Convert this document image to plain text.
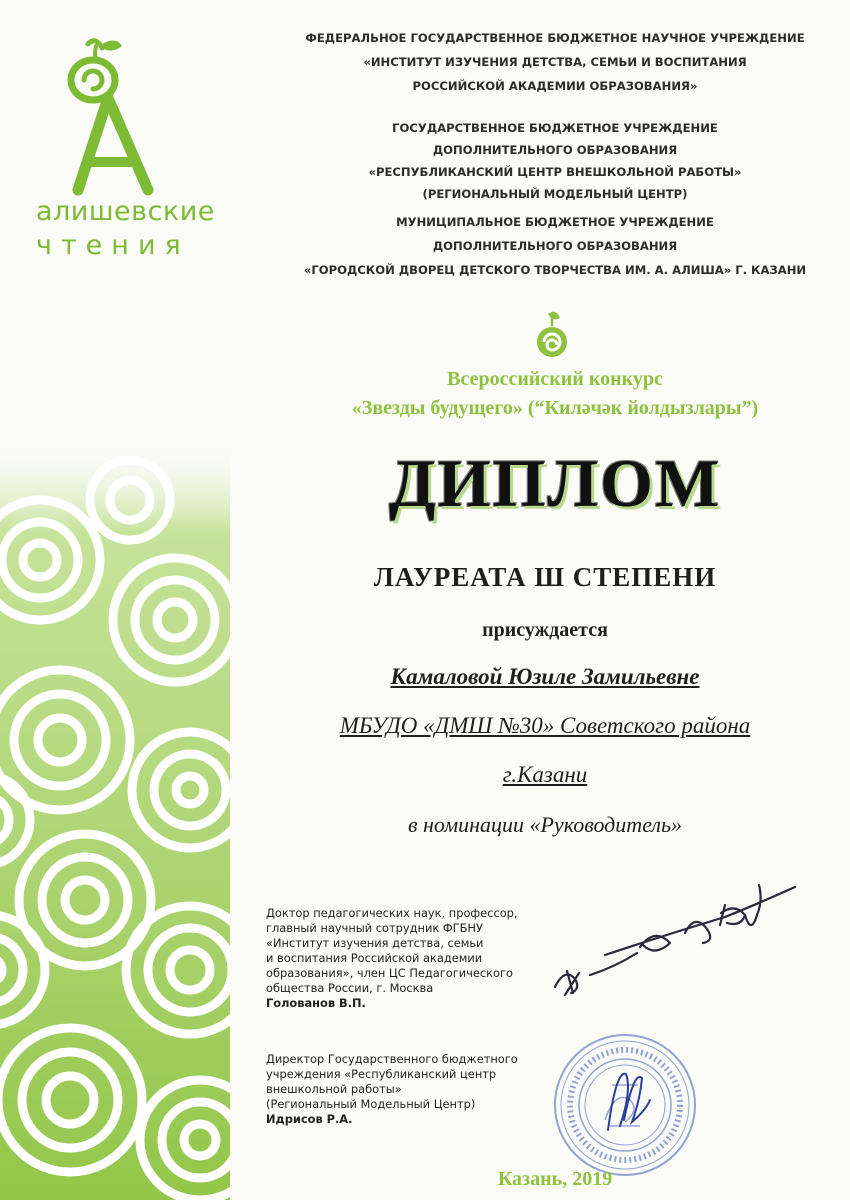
алишевские
чтения
ФЕДЕРАЛЬНОЕ ГОСУДАРСТВЕННОЕ БЮДЖЕТНОЕ НАУЧНОЕ УЧРЕЖДЕНИЕ
«ИНСТИТУТ ИЗУЧЕНИЯ ДЕТСТВА, СЕМЬИ И ВОСПИТАНИЯ
РОССИЙСКОЙ АКАДЕМИИ ОБРАЗОВАНИЯ»
ГОСУДАРСТВЕННОЕ БЮДЖЕТНОЕ УЧРЕЖДЕНИЕ
ДОПОЛНИТЕЛЬНОГО ОБРАЗОВАНИЯ
«РЕСПУБЛИКАНСКИЙ ЦЕНТР ВНЕШКОЛЬНОЙ РАБОТЫ»
(РЕГИОНАЛЬНЫЙ МОДЕЛЬНЫЙ ЦЕНТР)
МУНИЦИПАЛЬНОЕ БЮДЖЕТНОЕ УЧРЕЖДЕНИЕ
ДОПОЛНИТЕЛЬНОГО ОБРАЗОВАНИЯ
«ГОРОДСКОЙ ДВОРЕЦ ДЕТСКОГО ТВОРЧЕСТВА ИМ. А. АЛИША» Г. КАЗАНИ
Всероссийский конкурс
«Звезды будущего» (“Киләчәк йолдызлары”)
ДИПЛОМ
ЛАУРЕАТА Ш СТЕПЕНИ
присуждается
Камаловой Юзиле Замильевне
МБУДО «ДМШ №30» Советского района
г.Казани
в номинации «Руководитель»
Доктор педагогических наук, профессор,
главный научный сотрудник ФГБНУ
«Институт изучения детства, семьи
и воспитания Российской академии
образования», член ЦС Педагогического
общества России, г. Москва
Голованов В.П.
Директор Государственного бюджетного
учреждения «Республиканский центр
внешкольной работы»
(Региональный Модельный Центр)
Идрисов Р.А.
Казань, 2019
